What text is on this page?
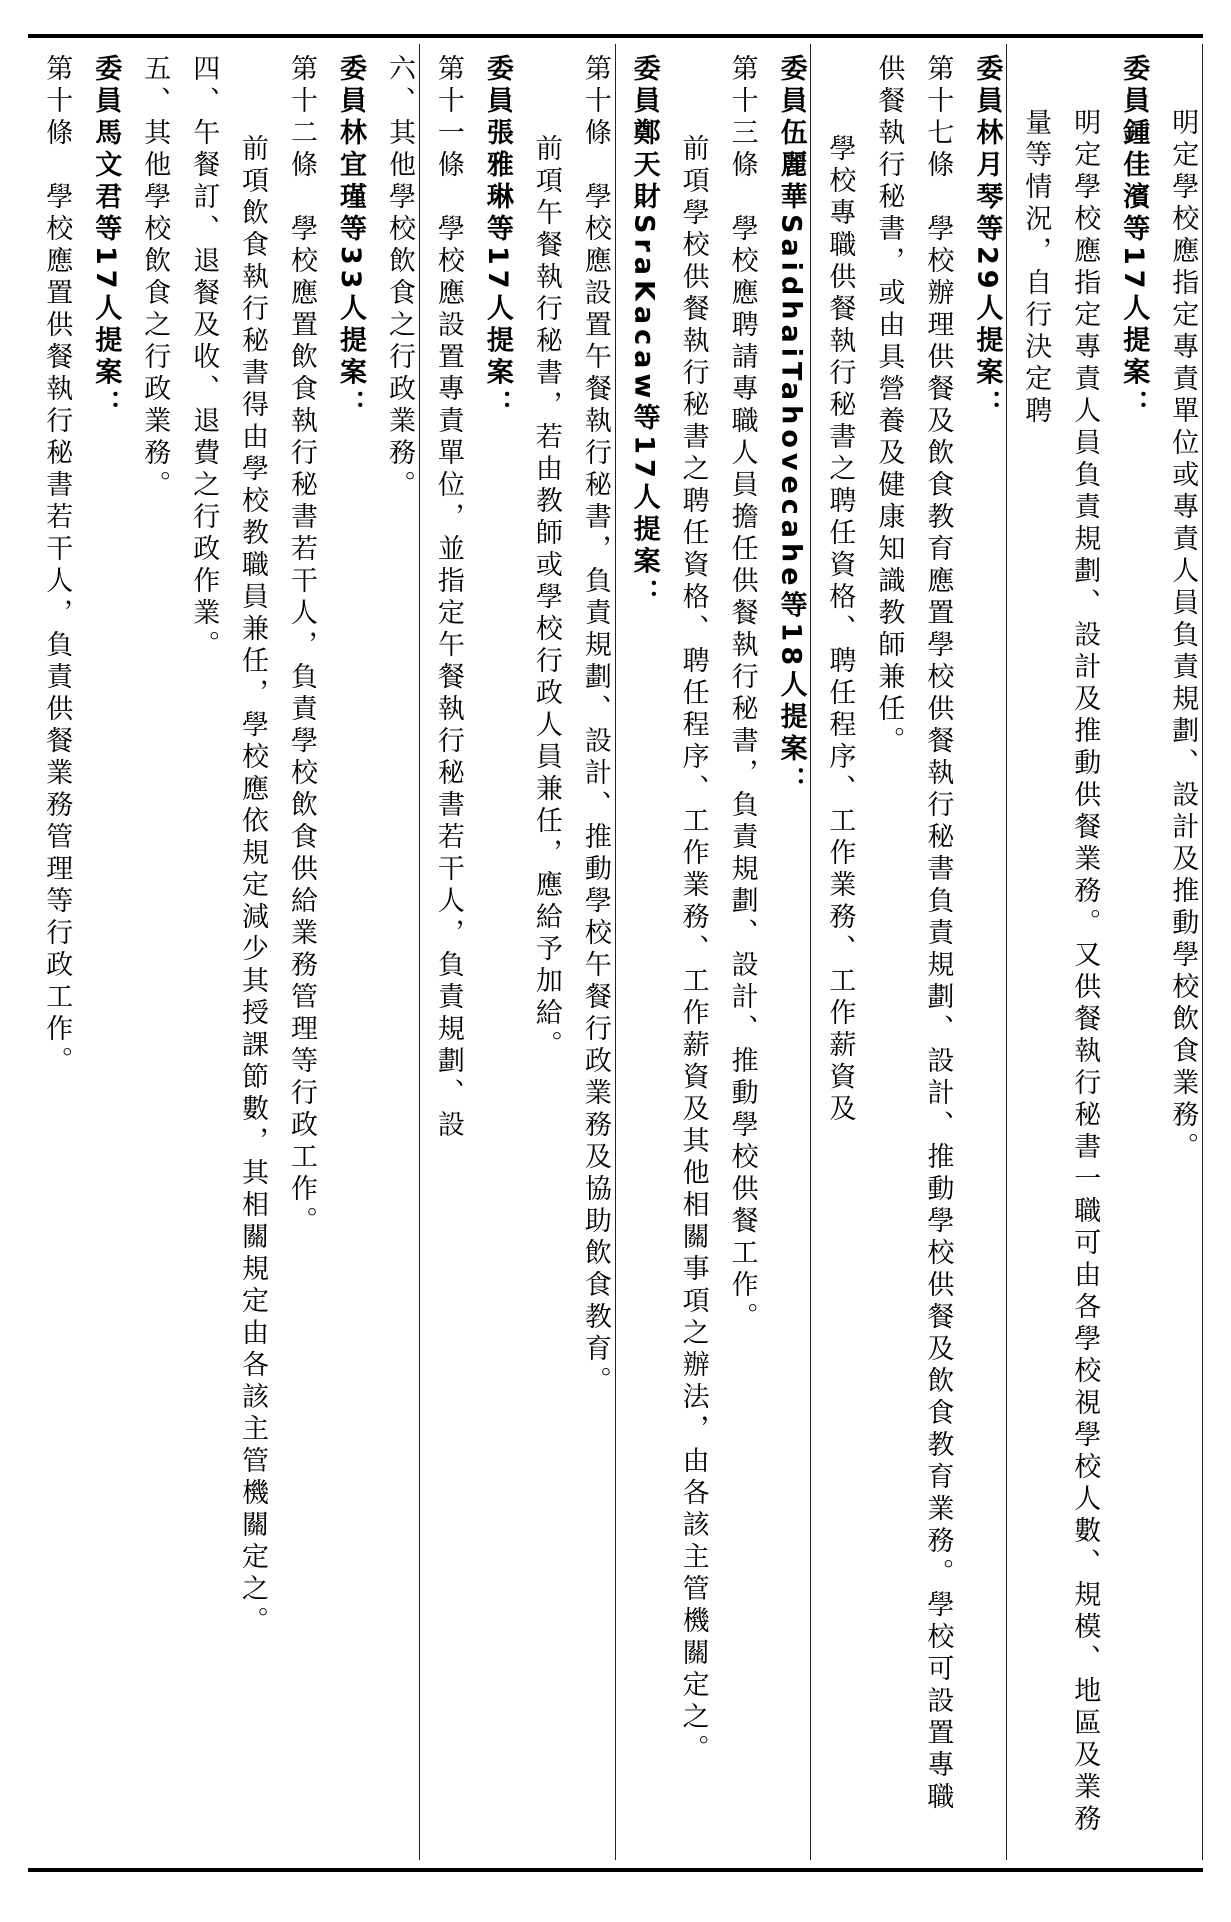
明定學校應指定專責單位或專責人員負責規劃、設計及推動學校飲食業務。
委員鍾佳濱等17人提案：
明定學校應指定專責人員負責規劃、設計及推動供餐業務。又供餐執行秘書一職可由各學校視學校人數、規模、地區及業務量等情況，自行決定聘
委員林月琴等29人提案：
第十七條　學校辦理供餐及飲食教育應置學校供餐執行秘書負責規劃、設計、推動學校供餐及飲食教育業務。學校可設置專職供餐執行秘書，或由具營養及健康知識教師兼任。
學校專職供餐執行秘書之聘任資格、聘任程序、工作業務、工作薪資及
委員伍麗華SaidhaiTahovecahe等18人提案：
第十三條　學校應聘請專職人員擔任供餐執行秘書，負責規劃、設計、推動學校供餐工作。
前項學校供餐執行秘書之聘任資格、聘任程序、工作業務、工作薪資及其他相關事項之辦法，由各該主管機關定之。
委員鄭天財SraKacaw等17人提案：
第十條　學校應設置午餐執行秘書，負責規劃、設計、推動學校午餐行政業務及協助飲食教育。
前項午餐執行秘書，若由教師或學校行政人員兼任，應給予加給。
委員張雅琳等17人提案：
第十一條　學校應設置專責單位，並指定午餐執行秘書若干人，負責規劃、設
六、其他學校飲食之行政業務。
委員林宜瑾等33人提案：
第十二條　學校應置飲食執行秘書若干人，負責學校飲食供給業務管理等行政工作。
前項飲食執行秘書得由學校教職員兼任，學校應依規定減少其授課節數，其相關規定由各該主管機關定之。
四、午餐訂、退餐及收、退費之行政作業。
五、其他學校飲食之行政業務。
委員馬文君等17人提案：
第十條　學校應置供餐執行秘書若干人，負責供餐業務管理等行政工作。
